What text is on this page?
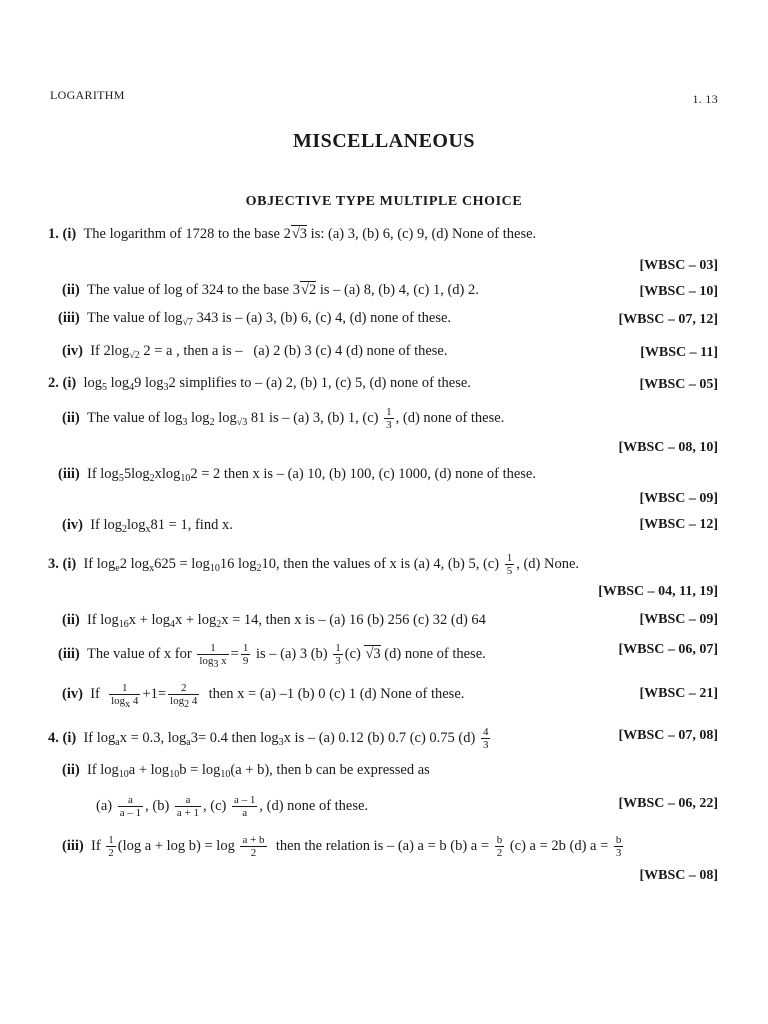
LOGARITHM	1. 13
MISCELLANEOUS
OBJECTIVE TYPE MULTIPLE CHOICE
1. (i)  The logarithm of 1728 to the base 2√3 is: (a) 3, (b) 6, (c) 9, (d) None of these.
[WBSC – 03]
(ii)  The value of log of 324 to the base 3√2 is – (a) 8, (b) 4, (c) 1, (d) 2.	[WBSC – 10]
(iii)  The value of $\log_{√7} 343$ is – (a) 3, (b) 6, (c) 4, (d) none of these.	[WBSC – 07, 12]
(iv)  If $2\log_{√2}$ 2 = a , then a is –   (a) 2 (b) 3 (c) 4 (d) none of these.	[WBSC – 11]
2. (i)  $\log_5 \log_49$ $\log_32$ simplifies to – (a) 2, (b) 1, (c) 5, (d) none of these.	[WBSC – 05]
(ii)  The value of $\log_3 \log_2 \log_{√3} 81$ is – (a) 3, (b) 1, $(c) \frac{1}{3}$ , (d) none of these.
[WBSC – 08, 10]
(iii)  If $\log_55\log_2xlog_{10}2 = 2$ then x is – (a) 10, (b) 100, (c) 1000, (d) none of these.
[WBSC – 09]
(iv)  If $\log_2\log_x81 = 1$, find x.	[WBSC – 12]
3. (i)  If $\log_e2$ $\log_x625 = \log_{10}16$ $\log_210$, then the values of x is (a) 4, (b) 5, $(c) \frac{1}{5}$ , (d) None.
[WBSC – 04, 11, 19]
(ii)  If $\log_{16}x + \log_4x + \log_2x = 14$, then x is – (a) 16 (b) 256 (c) 32 (d) 64	[WBSC – 09]
(iii)  The value of x for $\frac{1}{\log_3 x} = \frac{1}{9}$ is – (a) 3 $(b) \frac{1}{3} (c)$ √3 (d) none of these.	[WBSC – 06, 07]
(iv)  If $\frac{1}{\log_x 4} +1= \frac{2}{\log_2 4}$ then x = (a) –1 (b) 0 (c) 1 (d) None of these.	[WBSC – 21]
4. (i)  If $\log_ax = 0.3$, $\log_a3= 0.4$ then $\log_3x$ is – (a) 0.12 (b) 0.7 (c) 0.75 $(d) \frac{4}{3}$	[WBSC – 07, 08]
(ii)  If $\log_{10}a + \log_{10}b = \log_{10}(a + b)$, then b can be expressed as
$(a) \frac{a}{a - 1}$ , $(b) \frac{a}{a + 1}$ , $(c) \frac{a - 1}{a}$ , (d) none of these.	[WBSC – 06, 22]
(iii)  If $\frac{1}{2} (\log$ $a + \log b) = \log \frac{a + b}{2}$ then the relation is – (a) a = b (b) $a = \frac{b}{2} (c) a = 2b$ (d) $a = \frac{b}{3}$
[WBSC – 08]
